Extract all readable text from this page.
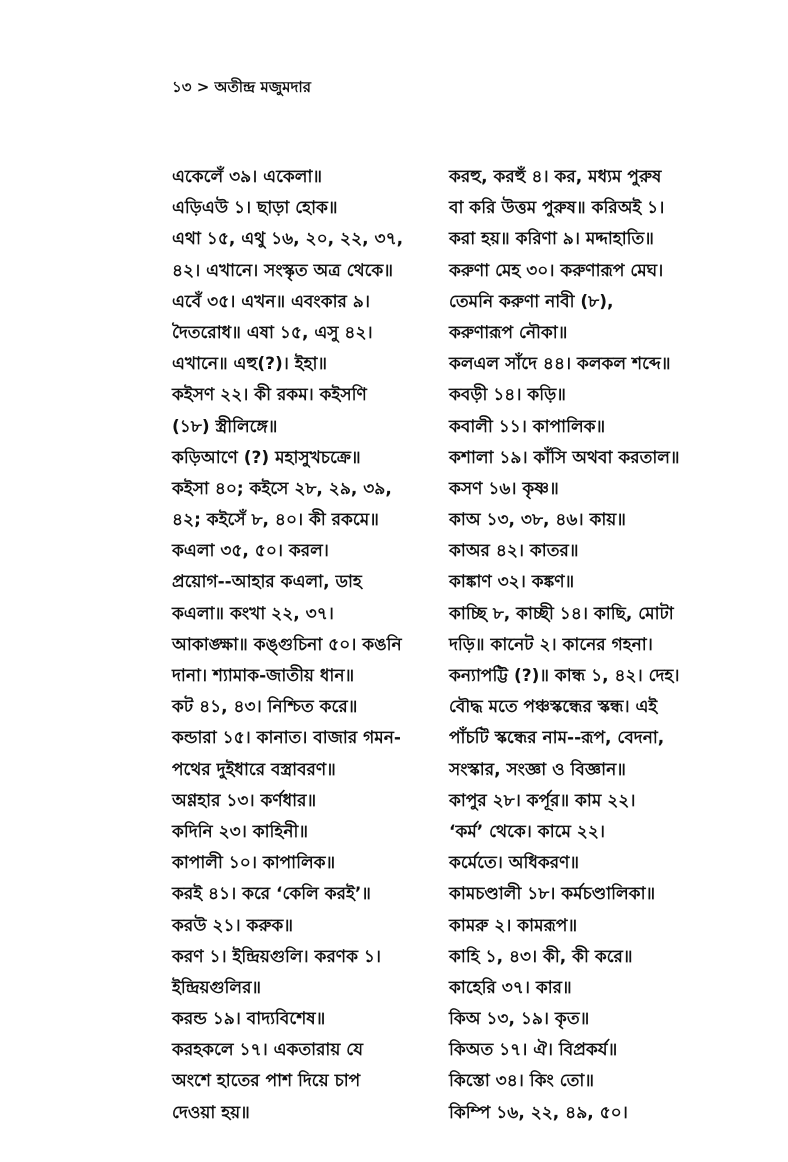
১৩ > অতীন্দ্র মজুমদার
একেলেঁ ৩৯। একেলা॥
এড়িএউ ১। ছাড়া হোক॥
এথা ১৫, এথু ১৬, ২০, ২২, ৩৭,
৪২। এখানে। সংস্কৃত অত্র থেকে॥
এবেঁ ৩৫। এখন॥ এবংকার ৯।
দৈতরোধ॥ এষা ১৫, এসু ৪২।
এখানে॥ এহু(?)। ইহা॥
কইসণ ২২। কী রকম। কইসণি
(১৮) স্ত্রীলিঙ্গে॥
কড়িআণে (?) মহাসুখচক্রে॥
কইসা ৪০; কইসে ২৮, ২৯, ৩৯,
৪২; কইসেঁ ৮, ৪০। কী রকমে॥
কএলা ৩৫, ৫০। করল।
প্রয়োগ--আহার কএলা, ডাহ
কএলা॥ কংখা ২২, ৩৭।
আকাঙ্ক্ষা॥ কঙ্গুচিনা ৫০। কঙনি
দানা। শ্যামাক-জাতীয় ধান॥
কট ৪১, ৪৩। নিশ্চিত করে॥
কন্ডারা ১৫। কানাত। বাজার গমন-
পথের দুইধারে বস্ত্রাবরণ॥
অণ্ণহার ১৩। কর্ণধার॥
কদিনি ২৩। কাহিনী॥
কাপালী ১০। কাপালিক॥
করই ৪১। করে ‘কেলি করই’॥
করউ ২১। করুক॥
করণ ১। ইন্দ্রিয়গুলি। করণক ১।
ইন্দ্রিয়গুলির॥
করন্ড ১৯। বাদ্যবিশেষ॥
করহকলে ১৭। একতারায় যে
অংশে হাতের পাশ দিয়ে চাপ
দেওয়া হয়॥
করহু, করহুঁ ৪। কর, মধ্যম পুরুষ
বা করি উত্তম পুরুষ॥ করিঅই ১।
করা হয়॥ করিণা ৯। মদ্দাহাতি॥
করুণা মেহ ৩০। করুণারূপ মেঘ।
তেমনি করুণা নাবী (৮),
করুণারূপ নৌকা॥
কলএল সাঁদে ৪৪। কলকল শব্দে॥
কবড়ী ১৪। কড়ি॥
কবালী ১১। কাপালিক॥
কশালা ১৯। কাঁসি অথবা করতাল॥
কসণ ১৬। কৃষ্ণ॥
কাঅ ১৩, ৩৮, ৪৬। কায়॥
কাঅর ৪২। কাতর॥
কাঙ্কাণ ৩২। কঙ্কণ॥
কাচ্ছি ৮, কাচ্ছী ১৪। কাছি, মোটা
দড়ি॥ কানেট ২। কানের গহনা।
কন্যাপট্টি (?)॥ কান্ধ ১, ৪২। দেহ।
বৌদ্ধ মতে পঞ্চস্কন্ধের স্কন্ধ। এই
পাঁচটি স্কন্ধের নাম--রূপ, বেদনা,
সংস্কার, সংজ্ঞা ও বিজ্ঞান॥
কাপুর ২৮। কর্পূর॥ কাম ২২।
‘কর্ম’ থেকে। কামে ২২।
কর্মেতে। অধিকরণ॥
কামচণ্ডালী ১৮। কর্মচণ্ডালিকা॥
কামরু ২। কামরূপ॥
কাহি ১, ৪৩। কী, কী করে॥
কাহেরি ৩৭। কার॥
কিঅ ১৩, ১৯। কৃত॥
কিঅত ১৭। ঐ। বিপ্রকর্য॥
কিস্তো ৩৪। কিং তো॥
কিম্পি ১৬, ২২, ৪৯, ৫০।
